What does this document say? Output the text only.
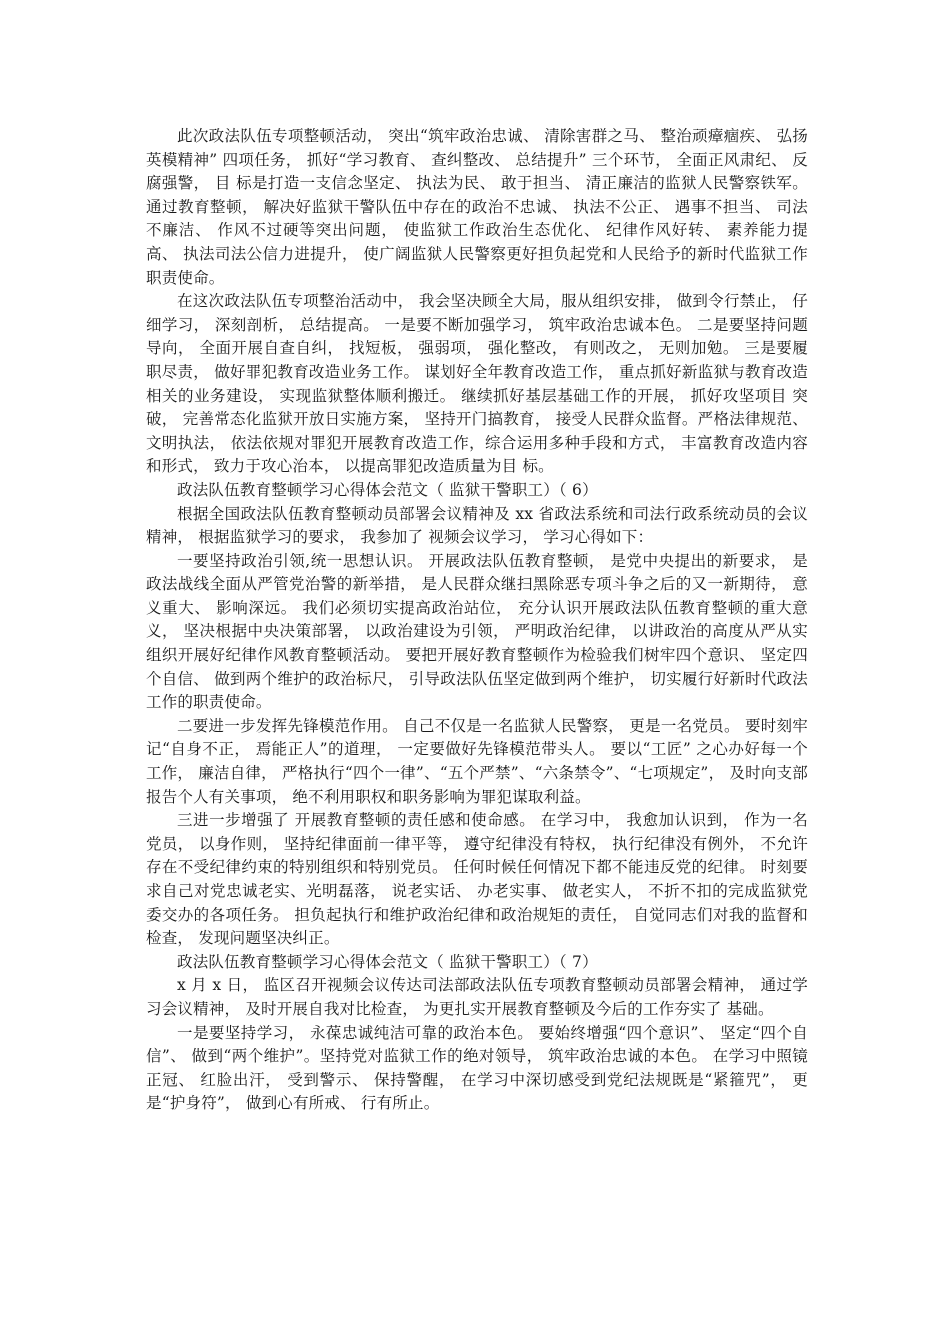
此次政法队伍专项整顿活动， 突出“筑牢政治忠诚、 清除害群之马、 整治顽瘴痼疾、 弘扬英模精神” 四项任务， 抓好“学习教育、 查纠整改、 总结提升” 三个环节， 全面正风肃纪、 反腐强警， 目 标是打造一支信念坚定、 执法为民、 敢于担当、 清正廉洁的监狱人民警察铁军。 通过教育整顿， 解决好监狱干警队伍中存在的政治不忠诚、 执法不公正、 遇事不担当、 司法不廉洁、 作风不过硬等突出问题， 使监狱工作政治生态优化、 纪律作风好转、 素养能力提高、 执法司法公信力进提升， 使广阔监狱人民警察更好担负起党和人民给予的新时代监狱工作职责使命。

在这次政法队伍专项整治活动中， 我会坚决顾全大局，服从组织安排， 做到令行禁止， 仔细学习， 深刻剖析， 总结提高。 一是要不断加强学习， 筑牢政治忠诚本色。 二是要坚持问题导向， 全面开展自查自纠， 找短板， 强弱项， 强化整改， 有则改之， 无则加勉。 三是要履职尽责， 做好罪犯教育改造业务工作。 谋划好全年教育改造工作， 重点抓好新监狱与教育改造相关的业务建设， 实现监狱整体顺利搬迁。 继续抓好基层基础工作的开展， 抓好攻坚项目 突破， 完善常态化监狱开放日实施方案， 坚持开门搞教育， 接受人民群众监督。严格法律规范、 文明执法， 依法依规对罪犯开展教育改造工作，综合运用多种手段和方式， 丰富教育改造内容和形式， 致力于攻心治本， 以提高罪犯改造质量为目 标。

政法队伍教育整顿学习心得体会范文（ 监狱干警职工）（ 6）

根据全国政法队伍教育整顿动员部署会议精神及 xx 省政法系统和司法行政系统动员的会议精神， 根据监狱学习的要求， 我参加了 视频会议学习， 学习心得如下：

一要坚持政治引领,统一思想认识。 开展政法队伍教育整顿， 是党中央提出的新要求， 是政法战线全面从严管党治警的新举措， 是人民群众继扫黑除恶专项斗争之后的又一新期待， 意义重大、 影响深远。 我们必须切实提高政治站位， 充分认识开展政法队伍教育整顿的重大意义， 坚决根据中央决策部署， 以政治建设为引领， 严明政治纪律， 以讲政治的高度从严从实组织开展好纪律作风教育整顿活动。 要把开展好教育整顿作为检验我们树牢四个意识、 坚定四个自信、 做到两个维护的政治标尺， 引导政法队伍坚定做到两个维护， 切实履行好新时代政法工作的职责使命。

二要进一步发挥先锋模范作用。 自己不仅是一名监狱人民警察， 更是一名党员。 要时刻牢记“自身不正， 焉能正人”的道理， 一定要做好先锋模范带头人。 要以“工匠” 之心办好每一个工作， 廉洁自律， 严格执行“四个一律”、“五个严禁”、“六条禁令”、“七项规定”， 及时向支部报告个人有关事项， 绝不利用职权和职务影响为罪犯谋取利益。

三进一步增强了 开展教育整顿的责任感和使命感。 在学习中， 我愈加认识到， 作为一名党员， 以身作则， 坚持纪律面前一律平等， 遵守纪律没有特权， 执行纪律没有例外， 不允许存在不受纪律约束的特别组织和特别党员。 任何时候任何情况下都不能违反党的纪律。 时刻要求自己对党忠诚老实、光明磊落， 说老实话、 办老实事、 做老实人， 不折不扣的完成监狱党委交办的各项任务。 担负起执行和维护政治纪律和政治规矩的责任， 自觉同志们对我的监督和检查， 发现问题坚决纠正。

政法队伍教育整顿学习心得体会范文（ 监狱干警职工）（ 7）

x 月 x 日， 监区召开视频会议传达司法部政法队伍专项教育整顿动员部署会精神， 通过学习会议精神， 及时开展自我对比检查， 为更扎实开展教育整顿及今后的工作夯实了 基础。

一是要坚持学习， 永葆忠诚纯洁可靠的政治本色。 要始终增强“四个意识”、 坚定“四个自信”、 做到“两个维护”。坚持党对监狱工作的绝对领导， 筑牢政治忠诚的本色。 在学习中照镜正冠、 红脸出汗， 受到警示、 保持警醒， 在学习中深切感受到党纪法规既是“紧箍咒”， 更是“护身符”， 做到心有所戒、 行有所止。
